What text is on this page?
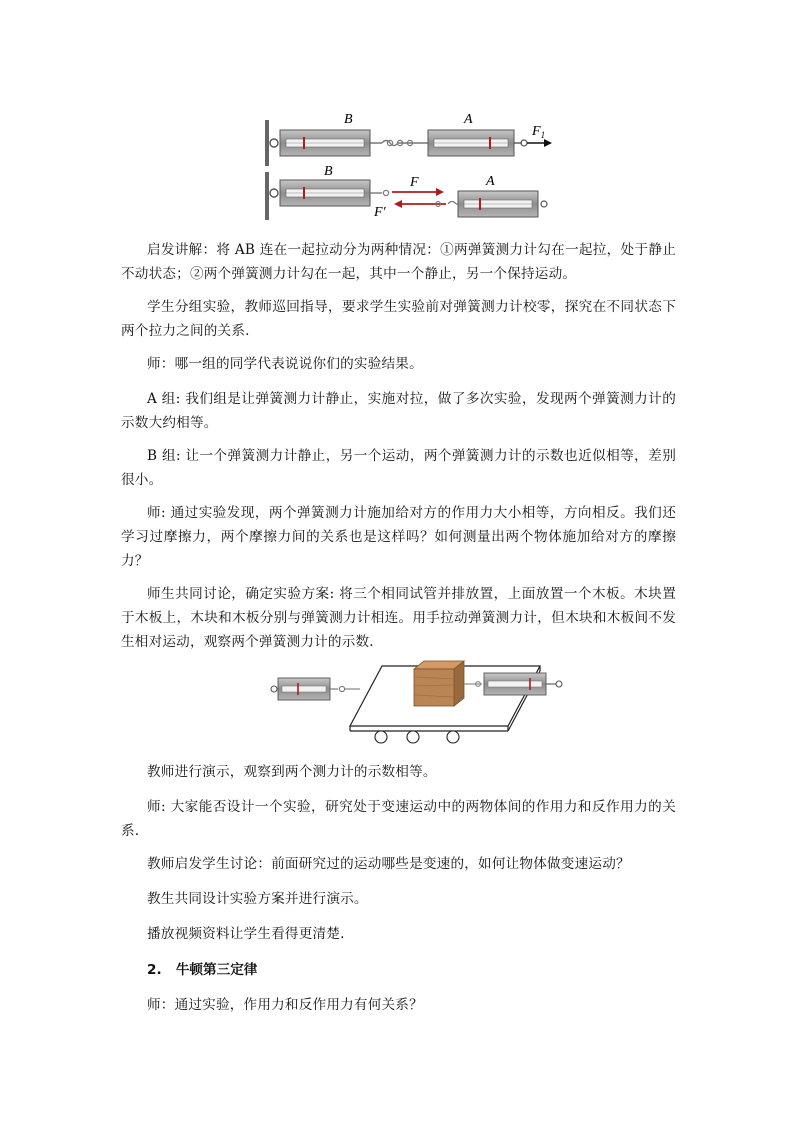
B	A
$F_1$
B
A
F
F′

启发讲解：将 AB 连在一起拉动分为两种情况：①两弹簧测力计勾在一起拉，处于静止不动状态；②两个弹簧测力计勾在一起，其中一个静止，另一个保持运动。

学生分组实验，教师巡回指导，要求学生实验前对弹簧测力计校零，探究在不同状态下两个拉力之间的关系.

师：哪一组的同学代表说说你们的实验结果。

A 组: 我们组是让弹簧测力计静止，实施对拉，做了多次实验，发现两个弹簧测力计的示数大约相等。

B 组: 让一个弹簧测力计静止，另一个运动，两个弹簧测力计的示数也近似相等，差别很小。

师: 通过实验发现，两个弹簧测力计施加给对方的作用力大小相等，方向相反。我们还学习过摩擦力，两个摩擦力间的关系也是这样吗？如何测量出两个物体施加给对方的摩擦力？

师生共同讨论，确定实验方案: 将三个相同试管并排放置，上面放置一个木板。木块置于木板上，木块和木板分别与弹簧测力计相连。用手拉动弹簧测力计，但木块和木板间不发生相对运动，观察两个弹簧测力计的示数.

教师进行演示，观察到两个测力计的示数相等。

师: 大家能否设计一个实验，研究处于变速运动中的两物体间的作用力和反作用力的关系.

教师启发学生讨论：前面研究过的运动哪些是变速的，如何让物体做变速运动？

教生共同设计实验方案并进行演示。

播放视频资料让学生看得更清楚.

2. 牛顿第三定律

师：通过实验，作用力和反作用力有何关系？
